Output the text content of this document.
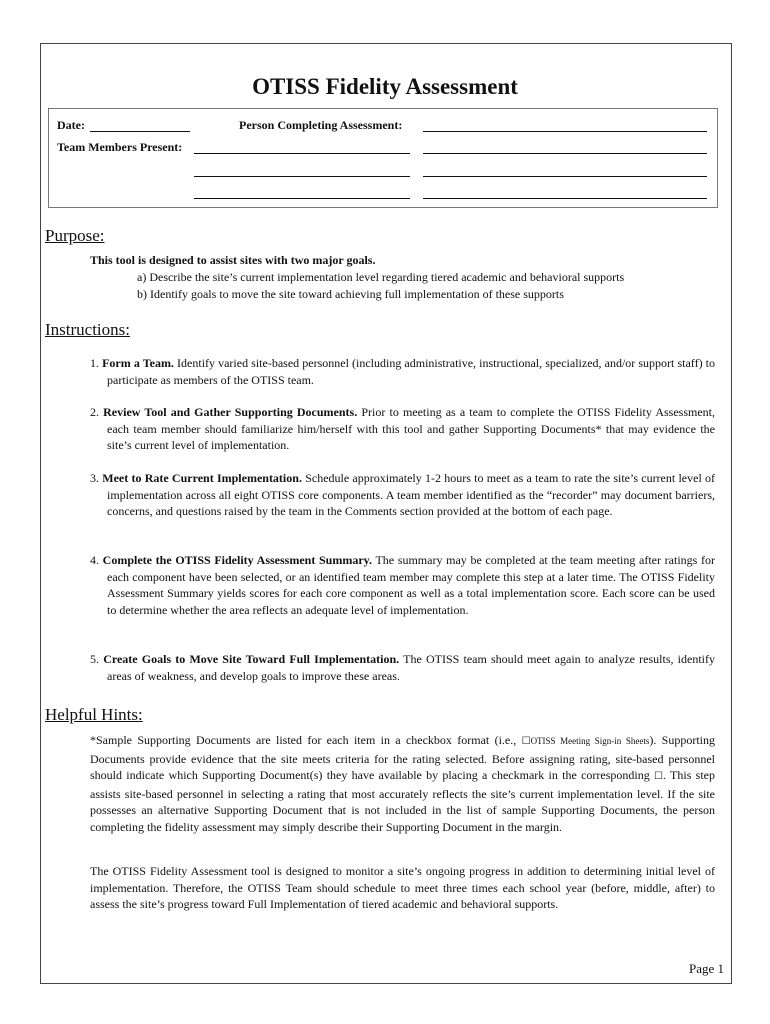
OTISS Fidelity Assessment
Date:	Person Completing Assessment:
Team Members Present:
Purpose:
This tool is designed to assist sites with two major goals.
a) Describe the site’s current implementation level regarding tiered academic and behavioral supports
b) Identify goals to move the site toward achieving full implementation of these supports
Instructions:
1. Form a Team. Identify varied site-based personnel (including administrative, instructional, specialized, and/or support staff) to participate as members of the OTISS team.
2. Review Tool and Gather Supporting Documents. Prior to meeting as a team to complete the OTISS Fidelity Assessment, each team member should familiarize him/herself with this tool and gather Supporting Documents* that may evidence the site’s current level of implementation.
3. Meet to Rate Current Implementation. Schedule approximately 1-2 hours to meet as a team to rate the site’s current level of implementation across all eight OTISS core components. A team member identified as the “recorder” may document barriers, concerns, and questions raised by the team in the Comments section provided at the bottom of each page.
4. Complete the OTISS Fidelity Assessment Summary. The summary may be completed at the team meeting after ratings for each component have been selected, or an identified team member may complete this step at a later time. The OTISS Fidelity Assessment Summary yields scores for each core component as well as a total implementation score. Each score can be used to determine whether the area reflects an adequate level of implementation.
5. Create Goals to Move Site Toward Full Implementation. The OTISS team should meet again to analyze results, identify areas of weakness, and develop goals to improve these areas.
Helpful Hints:
*Sample Supporting Documents are listed for each item in a checkbox format (i.e., ☐OTISS Meeting Sign-in Sheets). Supporting Documents provide evidence that the site meets criteria for the rating selected. Before assigning rating, site-based personnel should indicate which Supporting Document(s) they have available by placing a checkmark in the corresponding ☐. This step assists site-based personnel in selecting a rating that most accurately reflects the site’s current implementation level. If the site possesses an alternative Supporting Document that is not included in the list of sample Supporting Documents, the person completing the fidelity assessment may simply describe their Supporting Document in the margin.
The OTISS Fidelity Assessment tool is designed to monitor a site’s ongoing progress in addition to determining initial level of implementation. Therefore, the OTISS Team should schedule to meet three times each school year (before, middle, after) to assess the site’s progress toward Full Implementation of tiered academic and behavioral supports.
Page 1
